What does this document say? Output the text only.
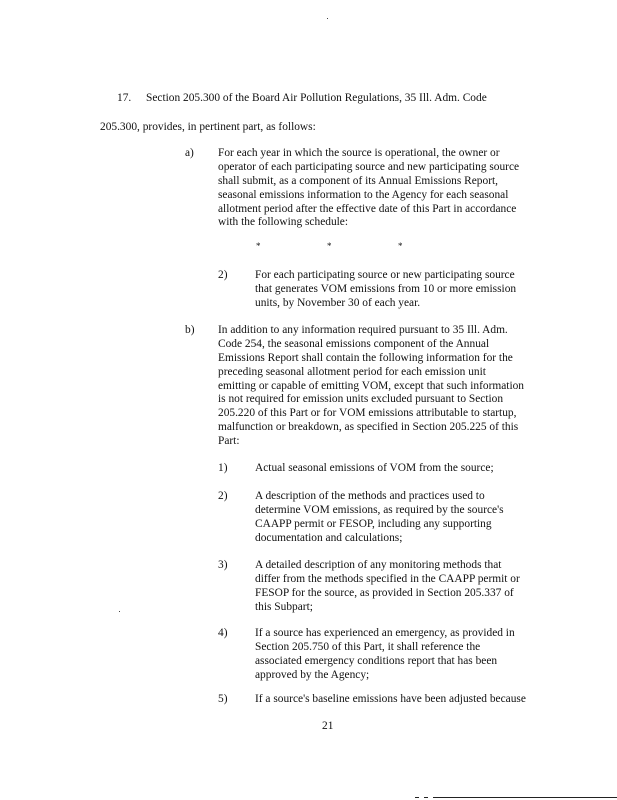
17. Section 205.300 of the Board Air Pollution Regulations, 35 Ill. Adm. Code
205.300, provides, in pertinent part, as follows:
a) For each year in which the source is operational, the owner or
operator of each participating source and new participating source
shall submit, as a component of its Annual Emissions Report,
seasonal emissions information to the Agency for each seasonal
allotment period after the effective date of this Part in accordance
with the following schedule:
*	*	*
2) For each participating source or new participating source
that generates VOM emissions from 10 or more emission
units, by November 30 of each year.
b) In addition to any information required pursuant to 35 Ill. Adm.
Code 254, the seasonal emissions component of the Annual
Emissions Report shall contain the following information for the
preceding seasonal allotment period for each emission unit
emitting or capable of emitting VOM, except that such information
is not required for emission units excluded pursuant to Section
205.220 of this Part or for VOM emissions attributable to startup,
malfunction or breakdown, as specified in Section 205.225 of this
Part:
1) Actual seasonal emissions of VOM from the source;
2) A description of the methods and practices used to
determine VOM emissions, as required by the source's
CAAPP permit or FESOP, including any supporting
documentation and calculations;
3) A detailed description of any monitoring methods that
differ from the methods specified in the CAAPP permit or
FESOP for the source, as provided in Section 205.337 of
this Subpart;
4) If a source has experienced an emergency, as provided in
Section 205.750 of this Part, it shall reference the
associated emergency conditions report that has been
approved by the Agency;
5) If a source's baseline emissions have been adjusted because
21
